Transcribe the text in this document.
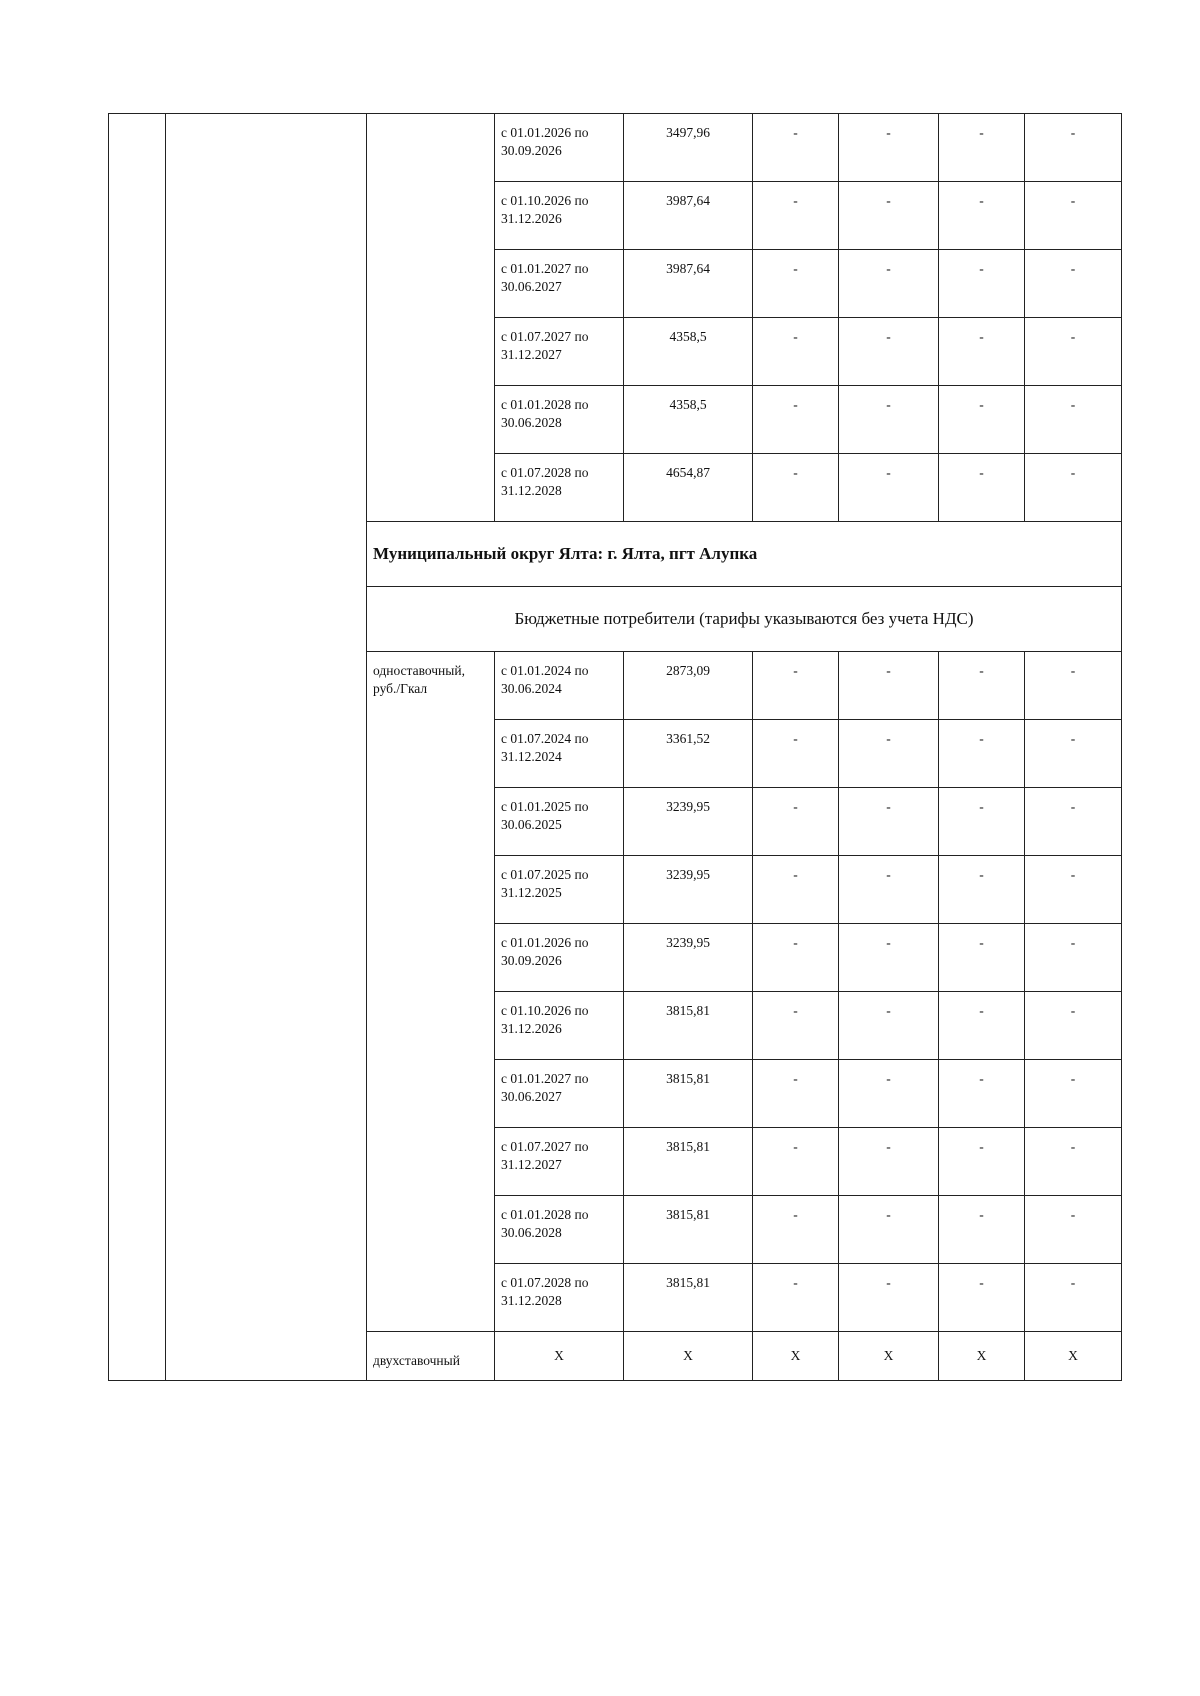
			с 01.01.2026 по
30.09.2026	3497,96	-	-	-	-

			с 01.10.2026 по
31.12.2026	3987,64	-	-	-	-

			с 01.01.2027 по
30.06.2027	3987,64	-	-	-	-

			с 01.07.2027 по
31.12.2027	4358,5	-	-	-	-

			с 01.01.2028 по
30.06.2028	4358,5	-	-	-	-

			с 01.07.2028 по
31.12.2028	4654,87	-	-	-	-
		Муниципальный округ Ялта: г. Ялта, пгт Алупка						
		Бюджетные потребители (тарифы указываются без учета НДС)						
		одноставочный, руб./Гкал	с 01.01.2024 по
30.06.2024	2873,09	-	-	-	-

			с 01.07.2024 по
31.12.2024	3361,52	-	-	-	-

			с 01.01.2025 по
30.06.2025	3239,95	-	-	-	-

			с 01.07.2025 по
31.12.2025	3239,95	-	-	-	-

			с 01.01.2026 по
30.09.2026	3239,95	-	-	-	-

			с 01.10.2026 по
31.12.2026	3815,81	-	-	-	-

			с 01.01.2027 по
30.06.2027	3815,81	-	-	-	-

			с 01.07.2027 по
31.12.2027	3815,81	-	-	-	-

			с 01.01.2028 по
30.06.2028	3815,81	-	-	-	-

			с 01.07.2028 по
31.12.2028	3815,81	-	-	-	-
		двухставочный	Х	Х	Х	Х	Х	Х
